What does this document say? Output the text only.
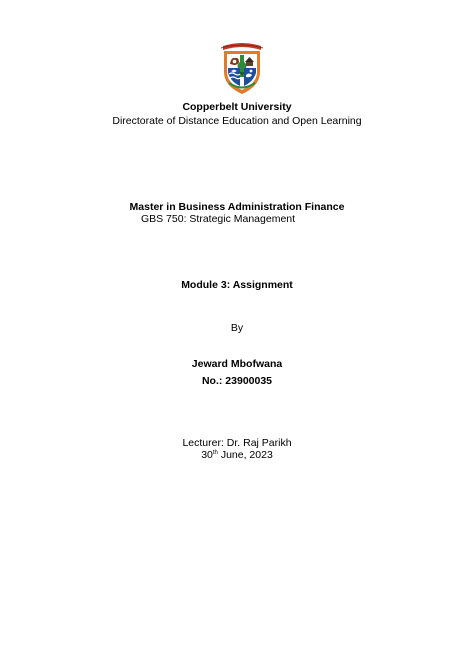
Copperbelt University
Directorate of Distance Education and Open Learning
Master in Business Administration Finance
GBS 750: Strategic Management
Module 3: Assignment
By
Jeward Mbofwana
No.: 23900035
Lecturer: Dr. Raj Parikh
30th June, 2023
